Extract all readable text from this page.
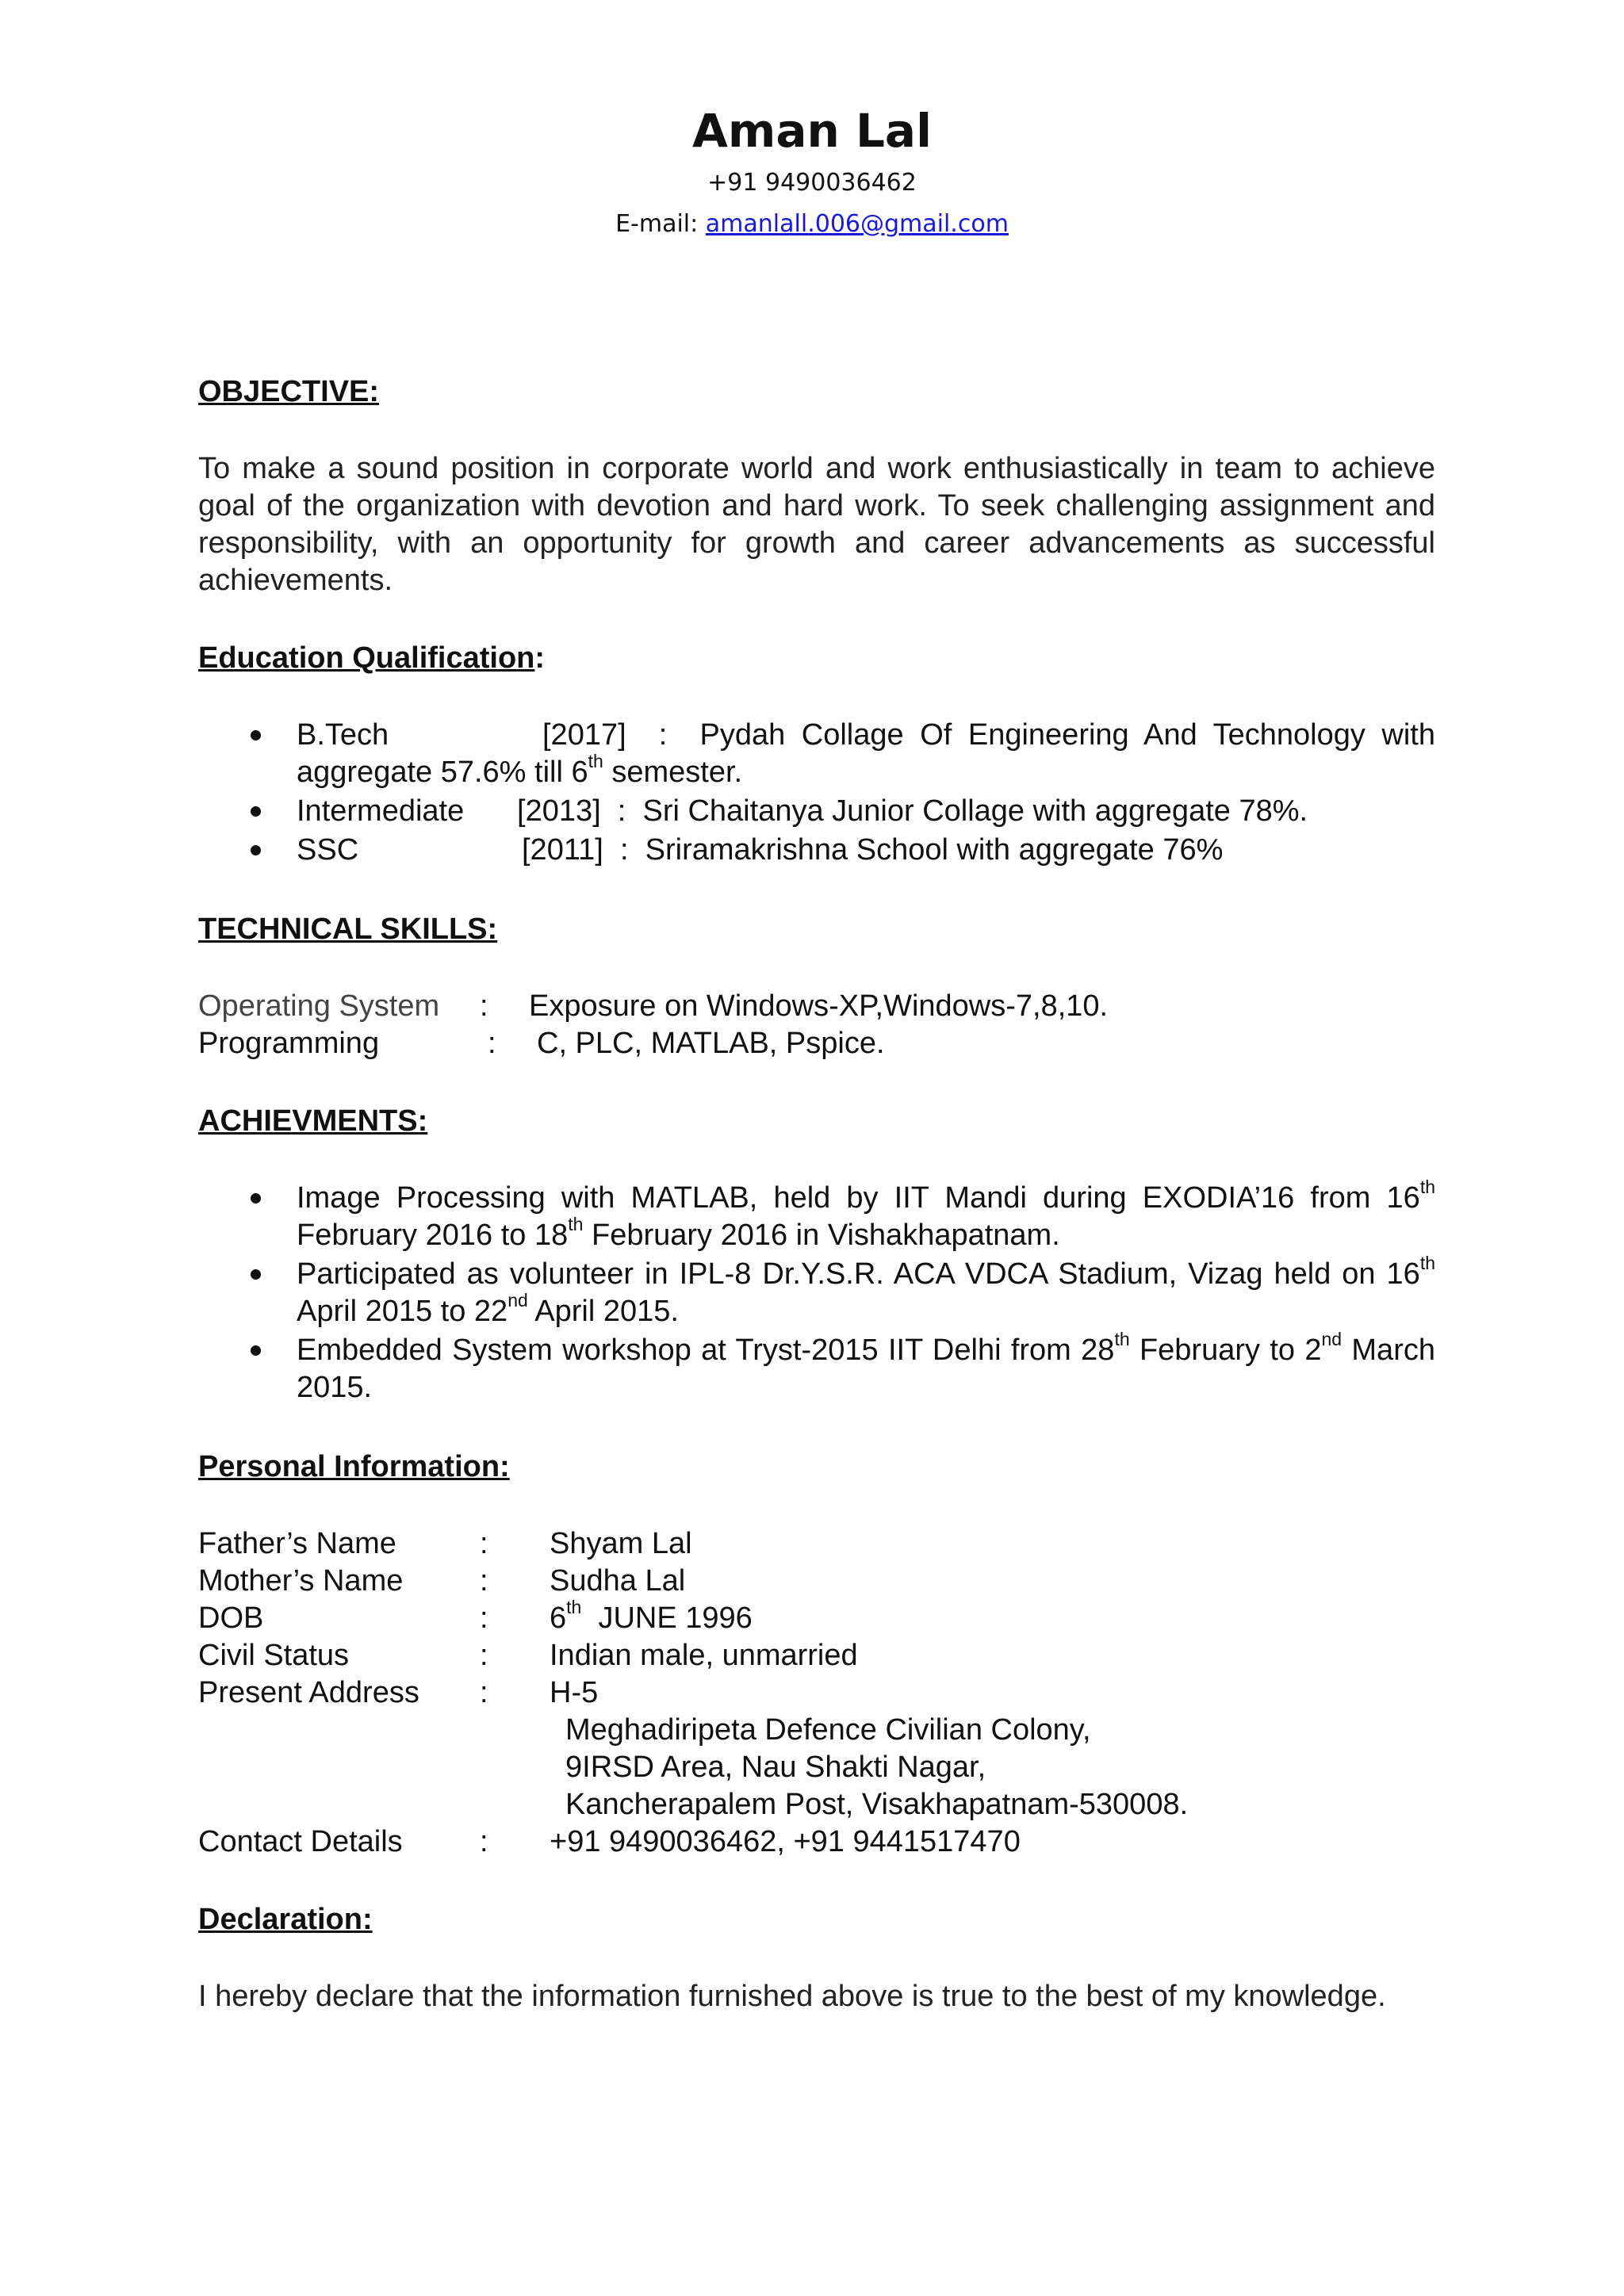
Aman Lal
+91 9490036462
E-mail: amanlall.006@gmail.com
OBJECTIVE:

To make a sound position in corporate world and work enthusiastically in team to achieve goal of the organization with devotion and hard work. To seek challenging assignment and responsibility, with an opportunity for growth and career advancements as successful achievements.

Education Qualification:
B.Tech	[2017] : Pydah Collage Of Engineering And Technology with aggregate 57.6% till 6th semester.
Intermediate [2013] : Sri Chaitanya Junior Collage with aggregate 78%.
SSC	[2011] : Sriramakrishna School with aggregate 76%
TECHNICAL SKILLS:
Operating System	:	Exposure on Windows-XP,Windows-7,8,10.
Programming	:	C, PLC, MATLAB, Pspice.
ACHIEVMENTS:
Image Processing with MATLAB, held by IIT Mandi during EXODIA’16 from 16th February 2016 to 18th February 2016 in Vishakhapatnam.
Participated as volunteer in IPL-8 Dr.Y.S.R. ACA VDCA Stadium, Vizag held on 16th April 2015 to 22nd April 2015.
Embedded System workshop at Tryst-2015 IIT Delhi from 28th February to 2nd March 2015.
Personal Information:
Father’s Name	:	Shyam Lal
Mother’s Name	:	Sudha Lal
DOB	:	6th JUNE 1996
Civil Status	:	Indian male, unmarried
Present Address	:	H-5
Meghadiripeta Defence Civilian Colony,
9IRSD Area, Nau Shakti Nagar,
Kancherapalem Post, Visakhapatnam-530008.
Contact Details	:	+91 9490036462, +91 9441517470
Declaration:

I hereby declare that the information furnished above is true to the best of my knowledge.
